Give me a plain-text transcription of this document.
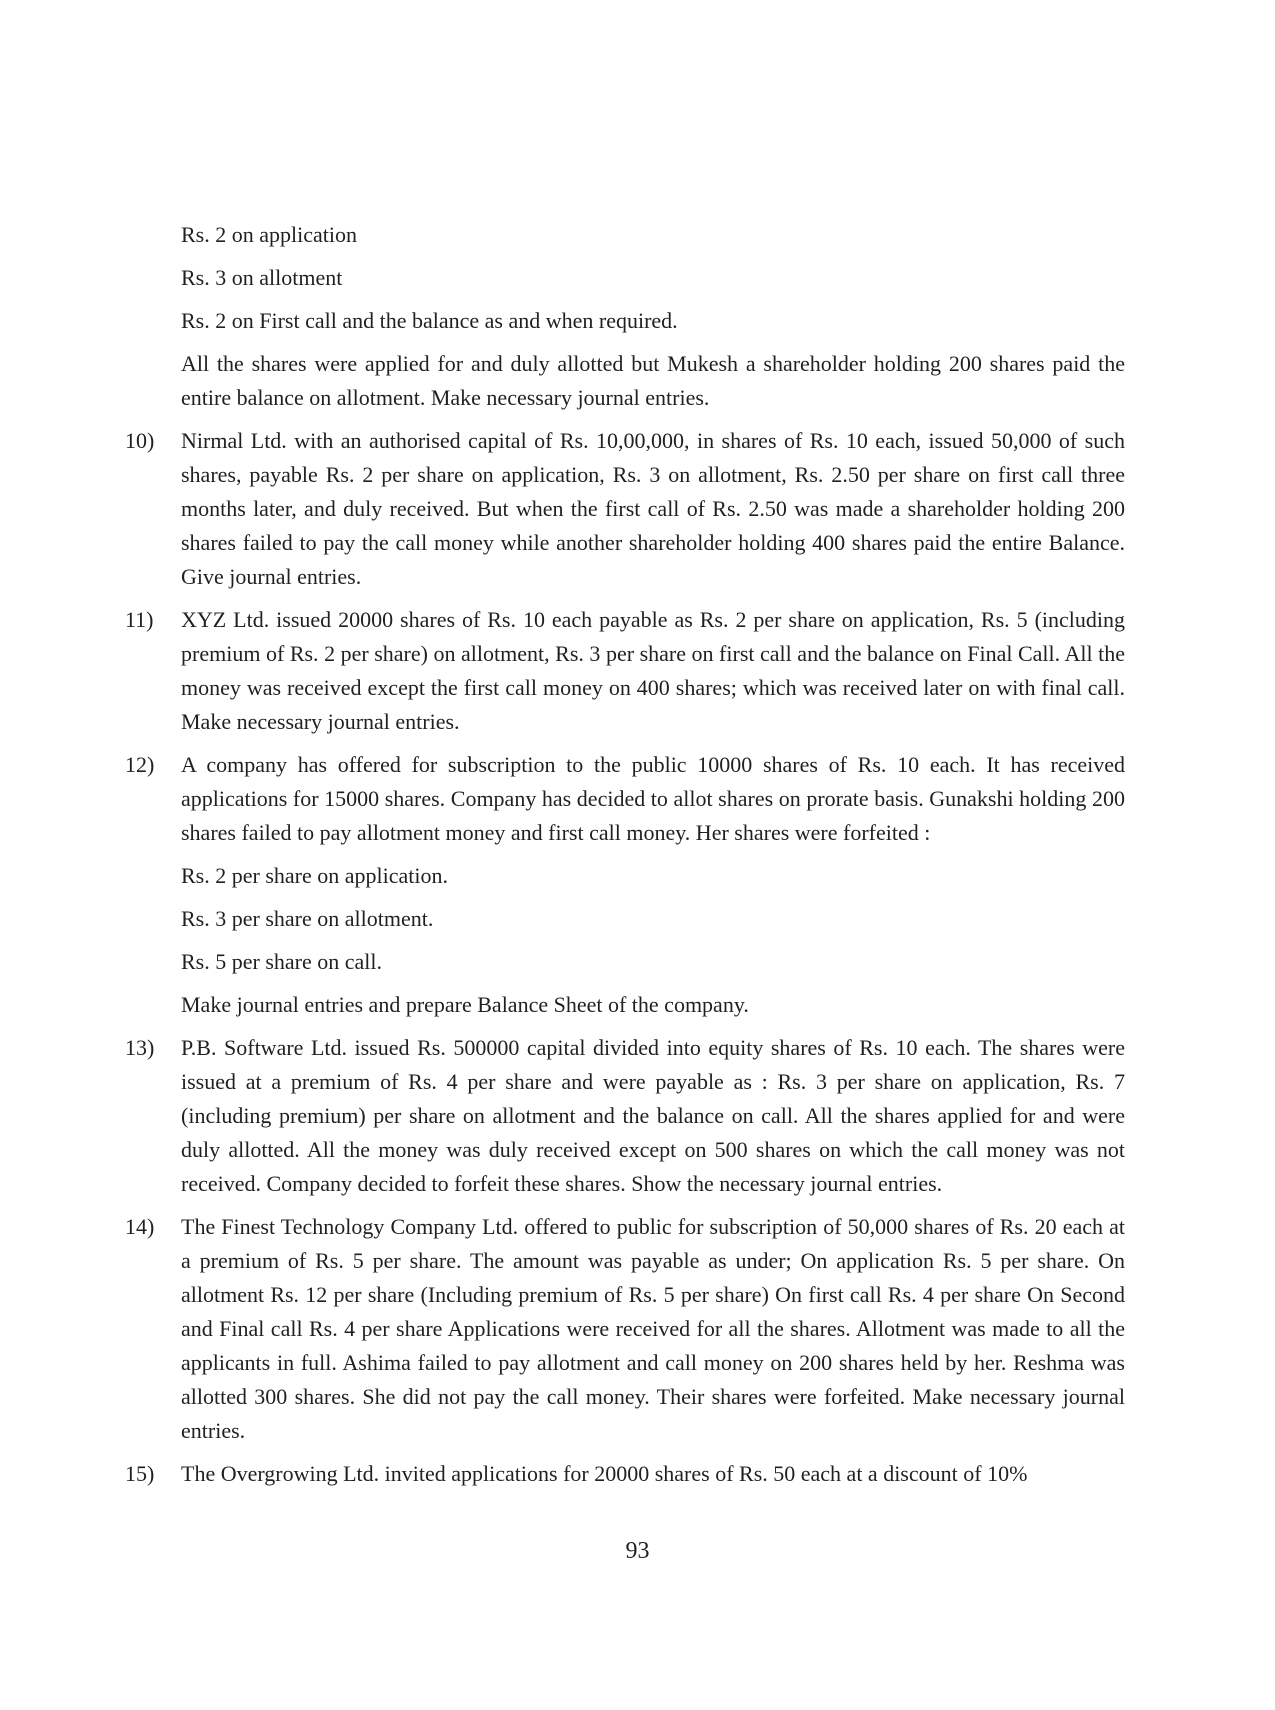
Rs. 2 on application

Rs. 3 on allotment

Rs. 2 on First call and the balance as and when required.

All the shares were applied for and duly allotted but Mukesh a shareholder holding 200 shares paid the entire balance on allotment. Make necessary journal entries.

10)	Nirmal Ltd. with an authorised capital of Rs. 10,00,000, in shares of Rs. 10 each, issued 50,000 of such shares, payable Rs. 2 per share on application, Rs. 3 on allotment, Rs. 2.50 per share on first call three months later, and duly received. But when the first call of Rs. 2.50 was made a shareholder holding 200 shares failed to pay the call money while another shareholder holding 400 shares paid the entire Balance. Give journal entries.
11)	XYZ Ltd. issued 20000 shares of Rs. 10 each payable as Rs. 2 per share on application, Rs. 5 (including premium of Rs. 2 per share) on allotment, Rs. 3 per share on first call and the balance on Final Call. All the money was received except the first call money on 400 shares; which was received later on with final call. Make necessary journal entries.
12)	A company has offered for subscription to the public 10000 shares of Rs. 10 each. It has received applications for 15000 shares. Company has decided to allot shares on prorate basis. Gunakshi holding 200 shares failed to pay allotment money and first call money. Her shares were forfeited :

Rs. 2 per share on application.

Rs. 3 per share on allotment.

Rs. 5 per share on call.

Make journal entries and prepare Balance Sheet of the company.

13)	P.B. Software Ltd. issued Rs. 500000 capital divided into equity shares of Rs. 10 each. The shares were issued at a premium of Rs. 4 per share and were payable as : Rs. 3 per share on application, Rs. 7 (including premium) per share on allotment and the balance on call. All the shares applied for and were duly allotted. All the money was duly received except on 500 shares on which the call money was not received. Company decided to forfeit these shares. Show the necessary journal entries.
14)	The Finest Technology Company Ltd. offered to public for subscription of 50,000 shares of Rs. 20 each at a premium of Rs. 5 per share. The amount was payable as under; On application Rs. 5 per share. On allotment Rs. 12 per share (Including premium of Rs. 5 per share) On first call Rs. 4 per share On Second and Final call Rs. 4 per share Applications were received for all the shares. Allotment was made to all the applicants in full. Ashima failed to pay allotment and call money on 200 shares held by her. Reshma was allotted 300 shares. She did not pay the call money. Their shares were forfeited. Make necessary journal entries.
15)	The Overgrowing Ltd. invited applications for 20000 shares of Rs. 50 each at a discount of 10%
93
